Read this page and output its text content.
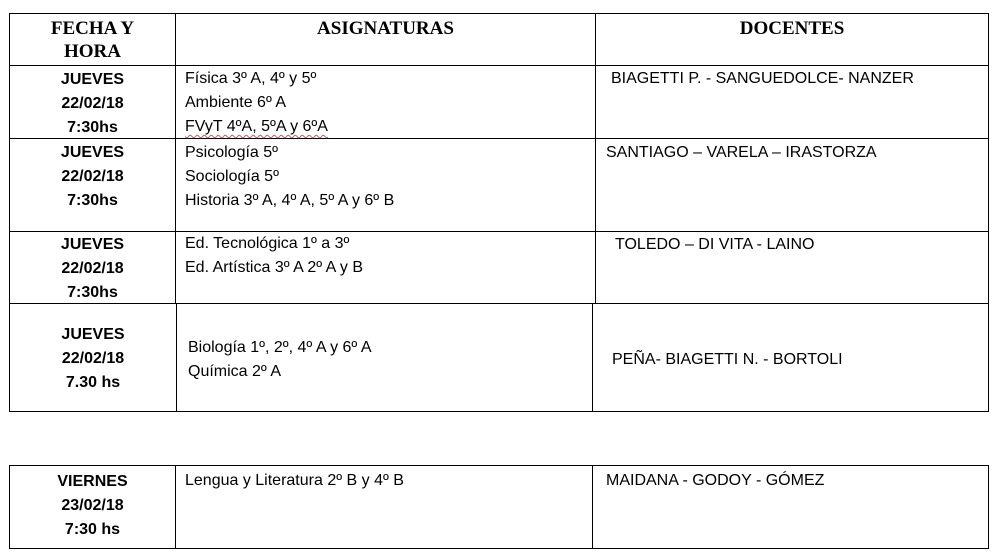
FECHA Y
HORA
ASIGNATURAS	DOCENTES
JUEVES
22/02/18
7:30hs
Física 3º A, 4º y 5º
Ambiente 6º A
FVyT 4ºA, 5ºA y 6ºA
BIAGETTI P. - SANGUEDOLCE- NANZER
JUEVES
22/02/18
7:30hs
Psicología 5º
Sociología 5º
Historia 3º A, 4º A, 5º A y 6º B
SANTIAGO – VARELA – IRASTORZA
JUEVES
22/02/18
7:30hs
Ed. Tecnológica 1º a 3º
Ed. Artística 3º A 2º A y B
TOLEDO – DI VITA - LAINO
JUEVES
22/02/18
7.30 hs
Biología 1º, 2º, 4º A y 6º A
Química 2º A
PEÑA- BIAGETTI N. - BORTOLI
VIERNES
23/02/18
7:30 hs
Lengua y Literatura 2º B y 4º B	MAIDANA - GODOY - GÓMEZ
